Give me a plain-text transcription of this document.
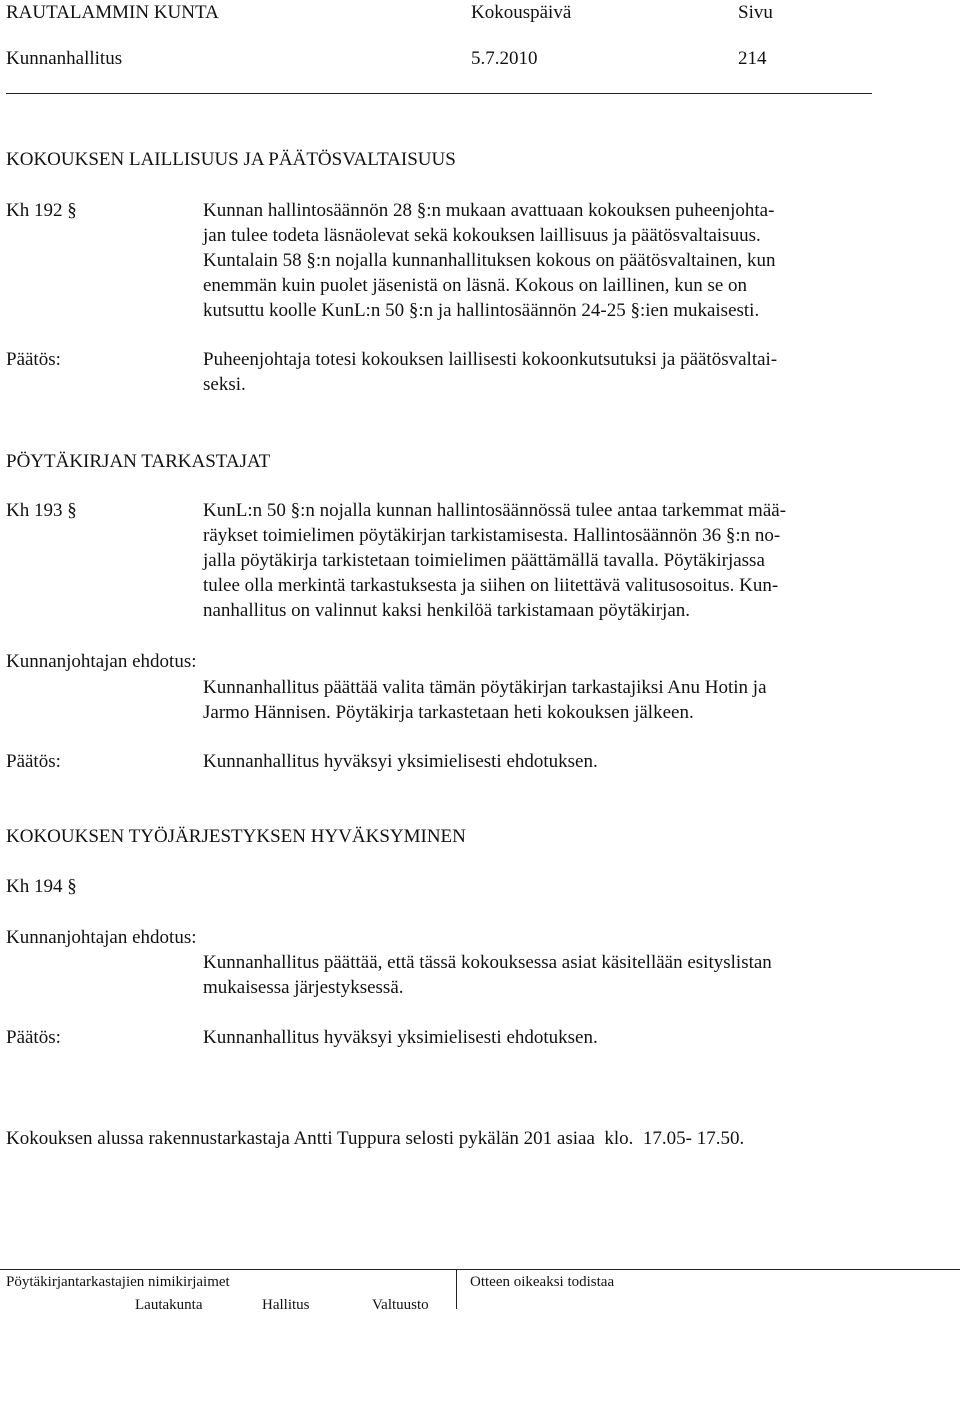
RAUTALAMMIN KUNTA	Kokouspäivä	Sivu
Kunnanhallitus	5.7.2010	214
KOKOUKSEN LAILLISUUS JA PÄÄTÖSVALTAISUUS
Kh 192 §	Kunnan hallintosäännön 28 §:n mukaan avattuaan kokouksen puheenjohta-
jan tulee todeta läsnäolevat sekä kokouksen laillisuus ja päätösvaltaisuus.
Kuntalain 58 §:n nojalla kunnanhallituksen kokous on päätösvaltainen, kun
enemmän kuin puolet jäsenistä on läsnä. Kokous on laillinen, kun se on
kutsuttu koolle KunL:n 50 §:n ja hallintosäännön 24-25 §:ien mukaisesti.
Päätös:	Puheenjohtaja totesi kokouksen laillisesti kokoonkutsutuksi ja päätösvaltai-
seksi.
PÖYTÄKIRJAN TARKASTAJAT
Kh 193 §	KunL:n 50 §:n nojalla kunnan hallintosäännössä tulee antaa tarkemmat mää-
räykset toimielimen pöytäkirjan tarkistamisesta. Hallintosäännön 36 §:n no-
jalla pöytäkirja tarkistetaan toimielimen päättämällä tavalla. Pöytäkirjassa
tulee olla merkintä tarkastuksesta ja siihen on liitettävä valitusosoitus. Kun-
nanhallitus on valinnut kaksi henkilöä tarkistamaan pöytäkirjan.
Kunnanjohtajan ehdotus:
Kunnanhallitus päättää valita tämän pöytäkirjan tarkastajiksi Anu Hotin ja
Jarmo Hännisen. Pöytäkirja tarkastetaan heti kokouksen jälkeen.
Päätös:	Kunnanhallitus hyväksyi yksimielisesti ehdotuksen.
KOKOUKSEN TYÖJÄRJESTYKSEN HYVÄKSYMINEN
Kh 194 §
Kunnanjohtajan ehdotus:
Kunnanhallitus päättää, että tässä kokouksessa asiat käsitellään esityslistan
mukaisessa järjestyksessä.
Päätös:	Kunnanhallitus hyväksyi yksimielisesti ehdotuksen.
Kokouksen alussa rakennustarkastaja Antti Tuppura selosti pykälän 201 asiaa  klo.  17.05- 17.50.
Pöytäkirjantarkastajien nimikirjaimet	Otteen oikeaksi todistaa
Lautakunta	Hallitus	Valtuusto
